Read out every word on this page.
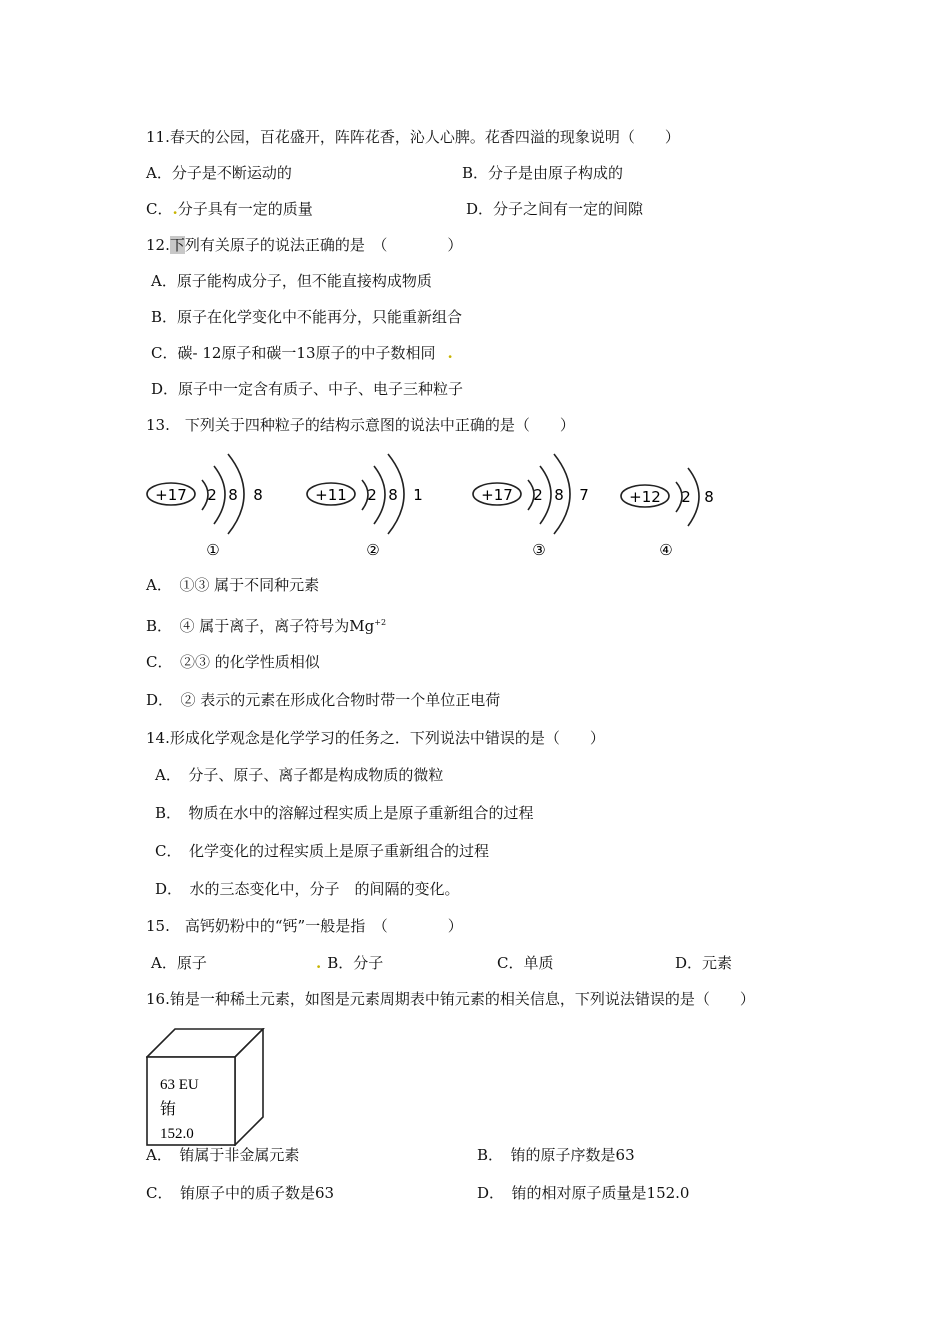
11.春天的公园，百花盛开，阵阵花香，沁人心脾。花香四溢的现象说明（　　）
A．分子是不断运动的	B．分子是由原子构成的
C．.分子具有一定的质量	D．分子之间有一定的间隙
12.下列有关原子的说法正确的是　（　　　　）
A．原子能构成分子，但不能直接构成物质
B．原子在化学变化中不能再分，只能重新组合
C．碳- 12原子和碳一13原子的中子数相同 .
D．原子中一定含有质子、中子、电子三种粒子
13.　下列关于四种粒子的结构示意图的说法中正确的是（　　）
+17 2 8 8
①
+11 2 8 1
②
+17 2 8 7
③
+12 2 8
④
A．　①③ 属于不同种元素
B．　④ 属于离子，离子符号为$Mg^{+2}$
C．　②③ 的化学性质相似
D．　② 表示的元素在形成化合物时带一个单位正电荷
14.形成化学观念是化学学习的任务之．下列说法中错误的是（　　）
A．　分子、原子、离子都是构成物质的微粒
B．　物质在水中的溶解过程实质上是原子重新组合的过程
C．　化学变化的过程实质上是原子重新组合的过程
D．　水的三态变化中，分子　的间隔的变化。
15.　高钙奶粉中的“钙”一般是指　（　　　　）
A．原子	. B．分子	C．单质	D．元素
16.铕是一种稀土元素，如图是元素周期表中铕元素的相关信息，下列说法错误的是（　　）
63 EU
铕
152.0
A．　铕属于非金属元素	B．　铕的原子序数是63
C．　铕原子中的质子数是63	D．　铕的相对原子质量是152.0
